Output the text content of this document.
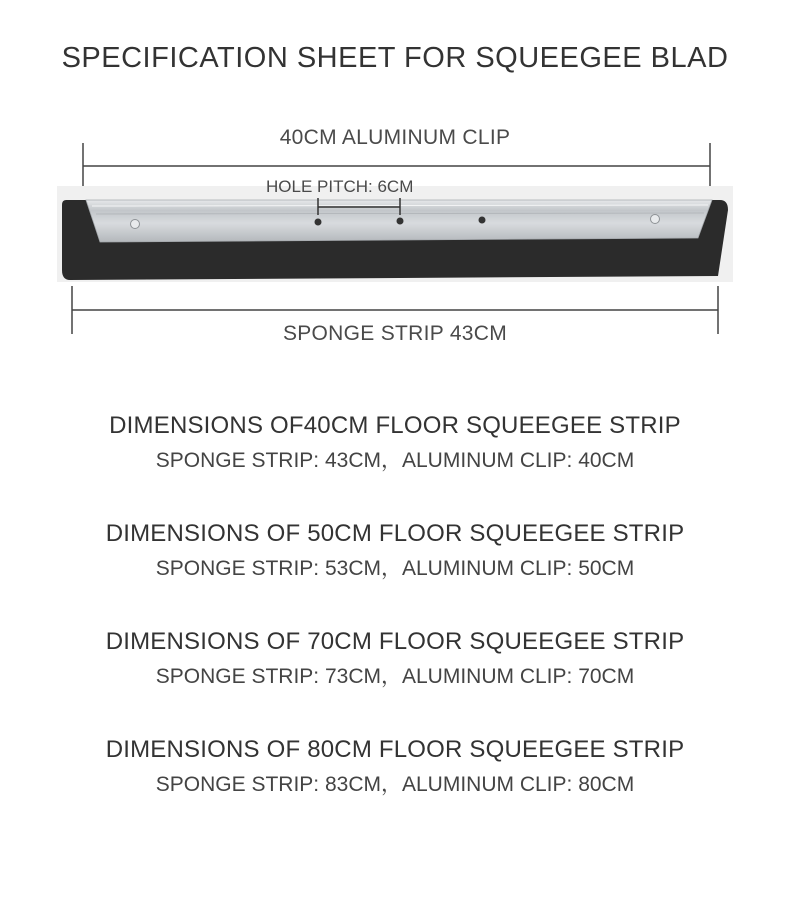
SPECIFICATION SHEET FOR SQUEEGEE BLAD
40CM ALUMINUM CLIP
HOLE PITCH: 6CM
SPONGE STRIP 43CM
DIMENSIONS OF40CM FLOOR SQUEEGEE STRIP
SPONGE STRIP: 43CM，ALUMINUM CLIP: 40CM
DIMENSIONS OF 50CM FLOOR SQUEEGEE STRIP
SPONGE STRIP: 53CM，ALUMINUM CLIP: 50CM
DIMENSIONS OF 70CM FLOOR SQUEEGEE STRIP
SPONGE STRIP: 73CM，ALUMINUM CLIP: 70CM
DIMENSIONS OF 80CM FLOOR SQUEEGEE STRIP
SPONGE STRIP: 83CM，ALUMINUM CLIP: 80CM
